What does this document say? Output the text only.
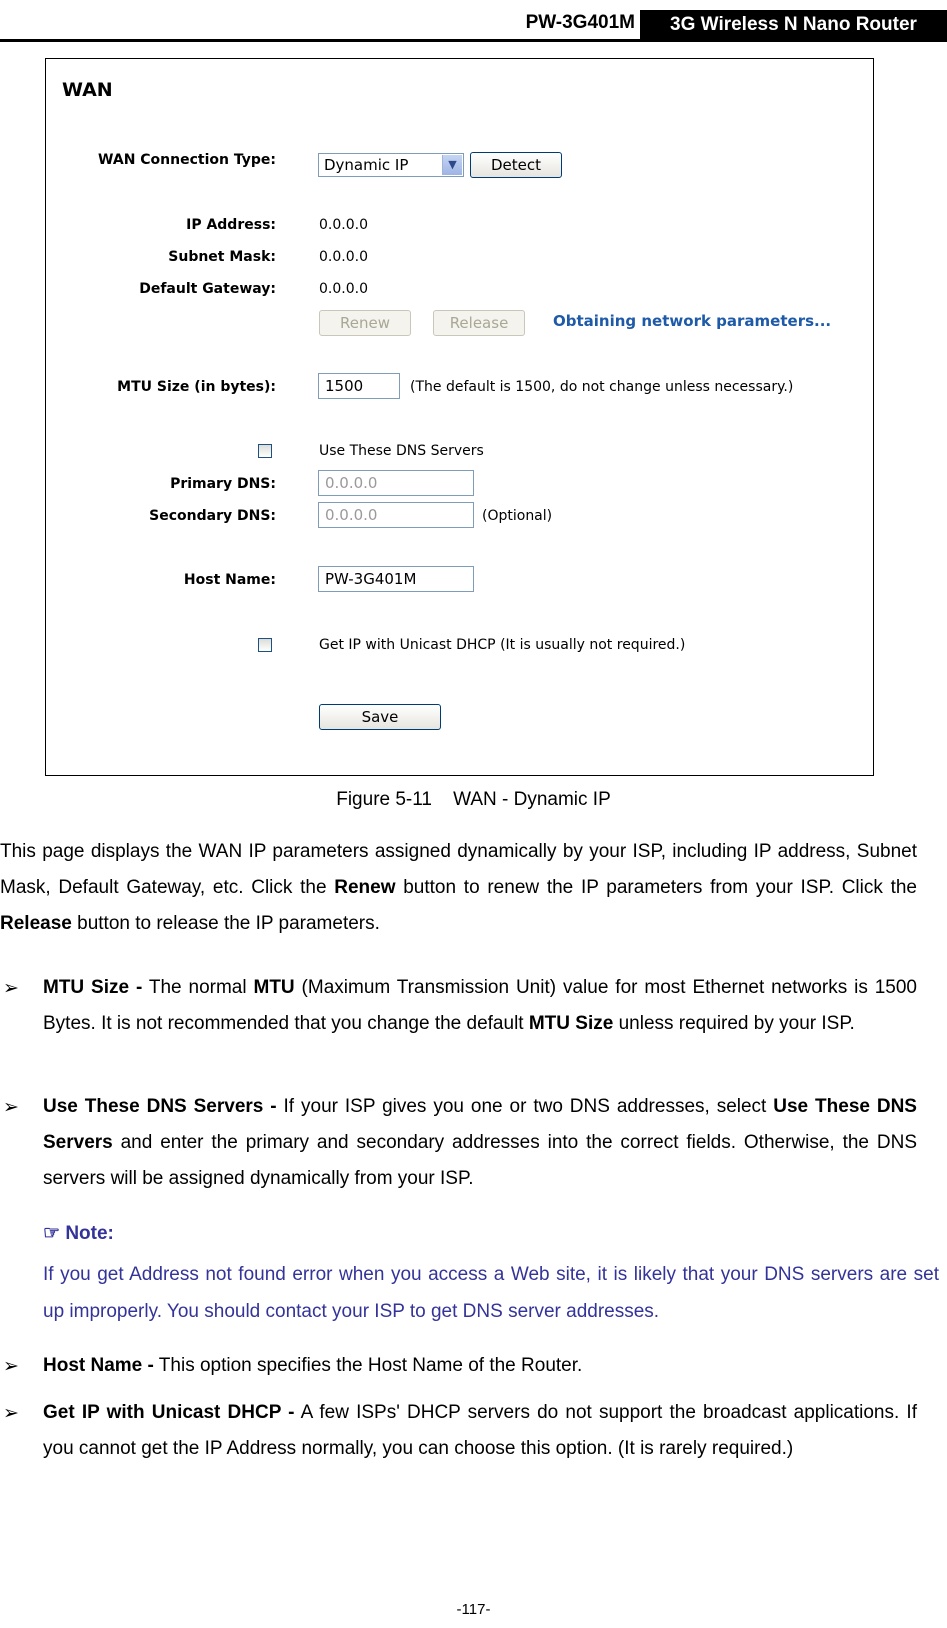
PW-3G401M	3G Wireless N Nano Router
WAN
WAN Connection Type:	Dynamic IP	▼	Detect
IP Address:	0.0.0.0
Subnet Mask:	0.0.0.0
Default Gateway:	0.0.0.0
Renew	Release	Obtaining network parameters...
MTU Size (in bytes):	1500	(The default is 1500, do not change unless necessary.)
Use These DNS Servers
Primary DNS:	0.0.0.0
Secondary DNS:	0.0.0.0	(Optional)
Host Name:	PW-3G401M
Get IP with Unicast DHCP (It is usually not required.)
Save
Figure 5-11    WAN - Dynamic IP
This page displays the WAN IP parameters assigned dynamically by your ISP, including IP address, Subnet Mask, Default Gateway, etc. Click the Renew button to renew the IP parameters from your ISP. Click the Release button to release the IP parameters.
➢ MTU Size - The normal MTU (Maximum Transmission Unit) value for most Ethernet networks is 1500 Bytes. It is not recommended that you change the default MTU Size unless required by your ISP.
➢ Use These DNS Servers - If your ISP gives you one or two DNS addresses, select Use These DNS Servers and enter the primary and secondary addresses into the correct fields. Otherwise, the DNS servers will be assigned dynamically from your ISP.
☞ Note:
If you get Address not found error when you access a Web site, it is likely that your DNS servers are set up improperly. You should contact your ISP to get DNS server addresses.
➢ Host Name - This option specifies the Host Name of the Router.
➢ Get IP with Unicast DHCP - A few ISPs' DHCP servers do not support the broadcast applications. If you cannot get the IP Address normally, you can choose this option. (It is rarely required.)
-117-
